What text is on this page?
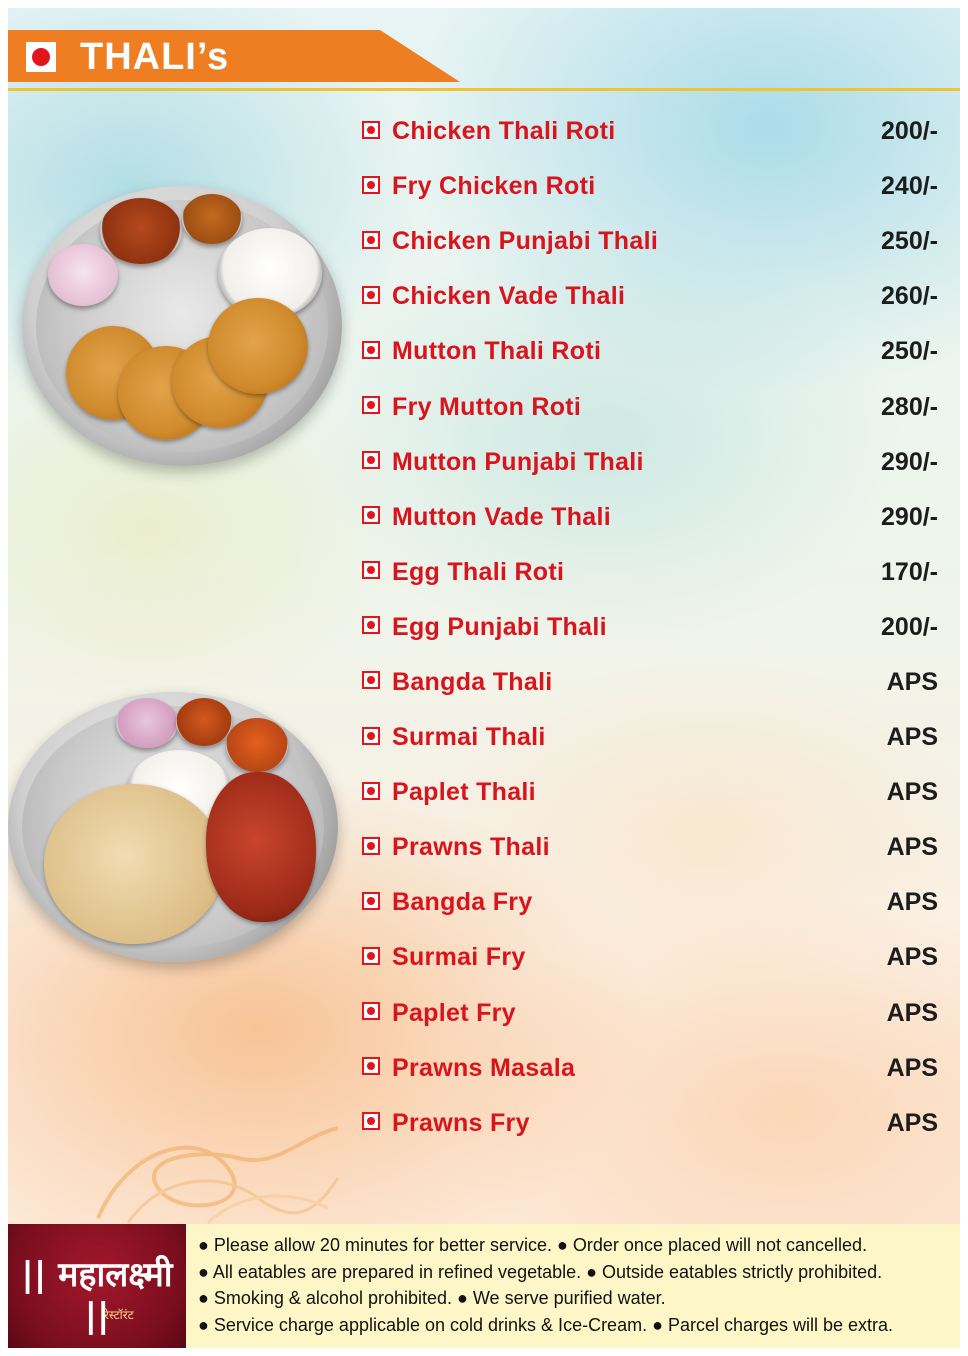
THALI’s
Chicken Thali Roti	200/-
Fry Chicken Roti	240/-
Chicken Punjabi Thali	250/-
Chicken Vade Thali	260/-
Mutton Thali Roti	250/-
Fry Mutton Roti	280/-
Mutton Punjabi Thali	290/-
Mutton Vade Thali	290/-
Egg Thali Roti	170/-
Egg Punjabi Thali	200/-
Bangda Thali	APS
Surmai Thali	APS
Paplet Thali	APS
Prawns Thali	APS
Bangda Fry	APS
Surmai Fry	APS
Paplet Fry	APS
Prawns Masala	APS
Prawns Fry	APS
|| महालक्ष्मी ||
रेस्टॉरंट
● Please allow 20 minutes for better service. ● Order once placed will not cancelled.
● All eatables are prepared in refined vegetable. ● Outside eatables strictly prohibited.
● Smoking & alcohol prohibited. ● We serve purified water.
● Service charge applicable on cold drinks & Ice-Cream. ● Parcel charges will be extra.
